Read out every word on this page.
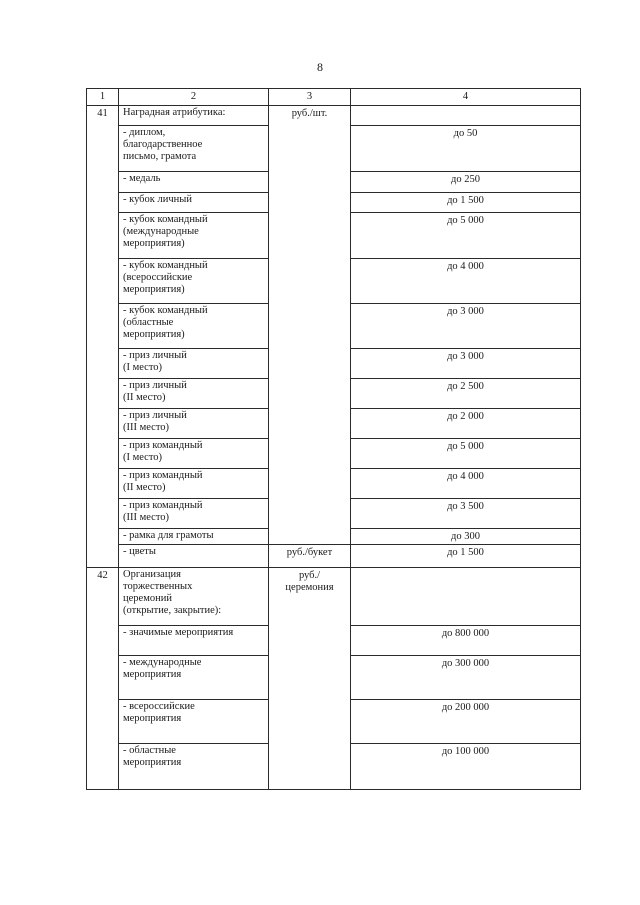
8
1	2	3	4
41	Наградная атрибутика:	руб./шт.	
	- диплом,
благодарственное
письмо, грамота		до 50
	- медаль		до 250
	- кубок личный		до 1 500
	- кубок командный
(международные
мероприятия)		до 5 000
	- кубок командный
(всероссийские
мероприятия)		до 4 000
	- кубок командный
(областные
мероприятия)		до 3 000
	- приз личный
(I место)		до 3 000
	- приз личный
(II место)		до 2 500
	- приз личный
(III место)		до 2 000
	- приз командный
(I место)		до 5 000
	- приз командный
(II место)		до 4 000
	- приз командный
(III место)		до 3 500
	- рамка для грамоты		до 300
	- цветы	руб./букет	до 1 500
42	Организация
торжественных
церемоний
(открытие, закрытие):	руб./
церемония	
	- значимые мероприятия		до 800 000
	- международные
мероприятия		до 300 000
	- всероссийские
мероприятия		до 200 000
	- областные
мероприятия		до 100 000
